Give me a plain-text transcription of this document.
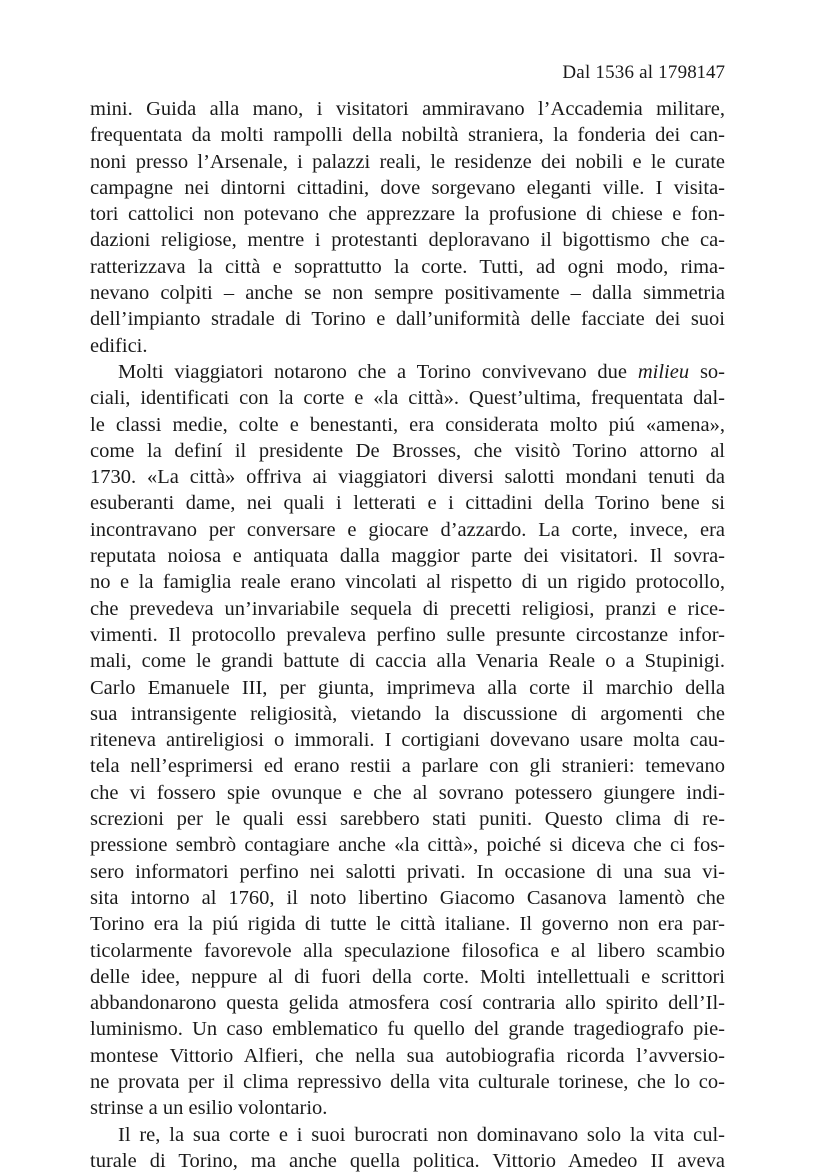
Dal 1536 al 1798 147
mini. Guida alla mano, i visitatori ammiravano l’Accademia militare,
frequentata da molti rampolli della nobiltà straniera, la fonderia dei can-
noni presso l’Arsenale, i palazzi reali, le residenze dei nobili e le curate
campagne nei dintorni cittadini, dove sorgevano eleganti ville. I visita-
tori cattolici non potevano che apprezzare la profusione di chiese e fon-
dazioni religiose, mentre i protestanti deploravano il bigottismo che ca-
ratterizzava la città e soprattutto la corte. Tutti, ad ogni modo, rima-
nevano colpiti – anche se non sempre positivamente – dalla simmetria
dell’impianto stradale di Torino e dall’uniformità delle facciate dei suoi
edifici.
Molti viaggiatori notarono che a Torino convivevano due milieu so-
ciali, identificati con la corte e «la città». Quest’ultima, frequentata dal-
le classi medie, colte e benestanti, era considerata molto piú «amena»,
come la definí il presidente De Brosses, che visitò Torino attorno al
1730. «La città» offriva ai viaggiatori diversi salotti mondani tenuti da
esuberanti dame, nei quali i letterati e i cittadini della Torino bene si
incontravano per conversare e giocare d’azzardo. La corte, invece, era
reputata noiosa e antiquata dalla maggior parte dei visitatori. Il sovra-
no e la famiglia reale erano vincolati al rispetto di un rigido protocollo,
che prevedeva un’invariabile sequela di precetti religiosi, pranzi e rice-
vimenti. Il protocollo prevaleva perfino sulle presunte circostanze infor-
mali, come le grandi battute di caccia alla Venaria Reale o a Stupinigi.
Carlo Emanuele III, per giunta, imprimeva alla corte il marchio della
sua intransigente religiosità, vietando la discussione di argomenti che
riteneva antireligiosi o immorali. I cortigiani dovevano usare molta cau-
tela nell’esprimersi ed erano restii a parlare con gli stranieri: temevano
che vi fossero spie ovunque e che al sovrano potessero giungere indi-
screzioni per le quali essi sarebbero stati puniti. Questo clima di re-
pressione sembrò contagiare anche «la città», poiché si diceva che ci fos-
sero informatori perfino nei salotti privati. In occasione di una sua vi-
sita intorno al 1760, il noto libertino Giacomo Casanova lamentò che
Torino era la piú rigida di tutte le città italiane. Il governo non era par-
ticolarmente favorevole alla speculazione filosofica e al libero scambio
delle idee, neppure al di fuori della corte. Molti intellettuali e scrittori
abbandonarono questa gelida atmosfera cosí contraria allo spirito dell’Il-
luminismo. Un caso emblematico fu quello del grande tragediografo pie-
montese Vittorio Alfieri, che nella sua autobiografia ricorda l’avversio-
ne provata per il clima repressivo della vita culturale torinese, che lo co-
strinse a un esilio volontario.
Il re, la sua corte e i suoi burocrati non dominavano solo la vita cul-
turale di Torino, ma anche quella politica. Vittorio Amedeo II aveva
